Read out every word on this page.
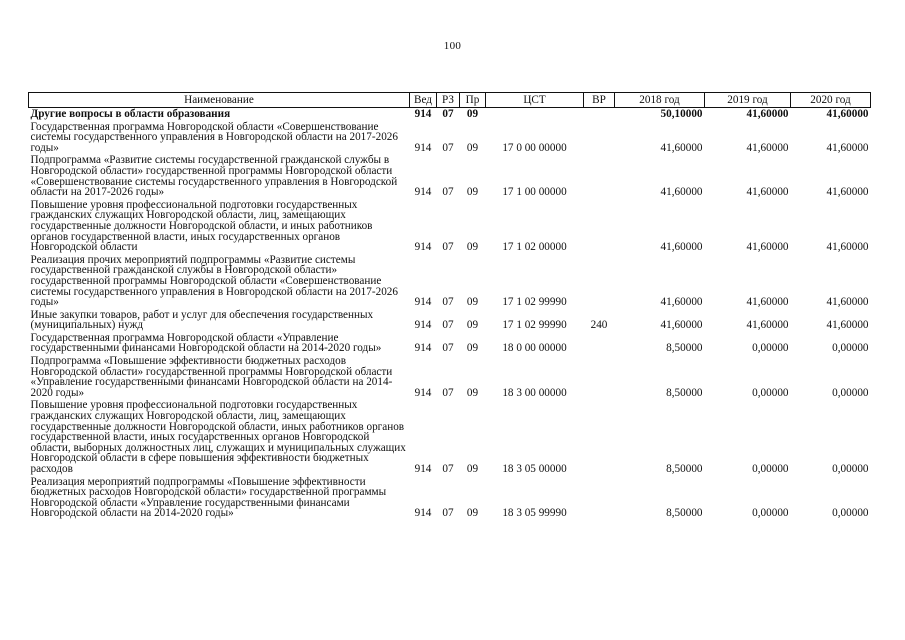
100
Наименование	Вед	РЗ	Пр	ЦСТ	ВР	2018 год	2019 год	2020 год
Другие вопросы в области образования	914	07	09			50,10000	41,60000	41,60000
Государственная программа Новгородской области «Совершенствование системы государственного управления в Новгородской области на 2017-2026 годы»	914	07	09	17 0 00 00000		41,60000	41,60000	41,60000
Подпрограмма «Развитие системы государственной гражданской службы в Новгородской области» государственной программы Новгородской области «Совершенствование системы государственного управления в Новгородской области на 2017-2026 годы»	914	07	09	17 1 00 00000		41,60000	41,60000	41,60000
Повышение уровня профессиональной подготовки государственных гражданских служащих Новгородской области, лиц, замещающих государственные должности Новгородской области, и иных работников органов государственной власти, иных государственных органов Новгородской области	914	07	09	17 1 02 00000		41,60000	41,60000	41,60000
Реализация прочих мероприятий подпрограммы «Развитие системы государственной гражданской службы в Новгородской области» государственной программы Новгородской области «Совершенствование системы государственного управления в Новгородской области на 2017-2026 годы»	914	07	09	17 1 02 99990		41,60000	41,60000	41,60000
Иные закупки товаров, работ и услуг для обеспечения государственных (муниципальных) нужд	914	07	09	17 1 02 99990	240	41,60000	41,60000	41,60000
Государственная программа Новгородской области «Управление государственными финансами Новгородской области на 2014-2020 годы»	914	07	09	18 0 00 00000		8,50000	0,00000	0,00000
Подпрограмма «Повышение эффективности бюджетных расходов Новгородской области» государственной программы Новгородской области «Управление государственными финансами Новгородской области на 2014-2020 годы»	914	07	09	18 3 00 00000		8,50000	0,00000	0,00000
Повышение уровня профессиональной подготовки государственных гражданских служащих Новгородской области, лиц, замещающих государственные должности Новгородской области, иных работников органов государственной власти, иных государственных органов Новгородской области, выборных должностных лиц, служащих и муниципальных служащих Новгородской области в сфере повышения эффективности бюджетных расходов	914	07	09	18 3 05 00000		8,50000	0,00000	0,00000
Реализация мероприятий подпрограммы «Повышение эффективности бюджетных расходов Новгородской области» государственной программы Новгородской области «Управление государственными финансами Новгородской области на 2014-2020 годы»	914	07	09	18 3 05 99990		8,50000	0,00000	0,00000
